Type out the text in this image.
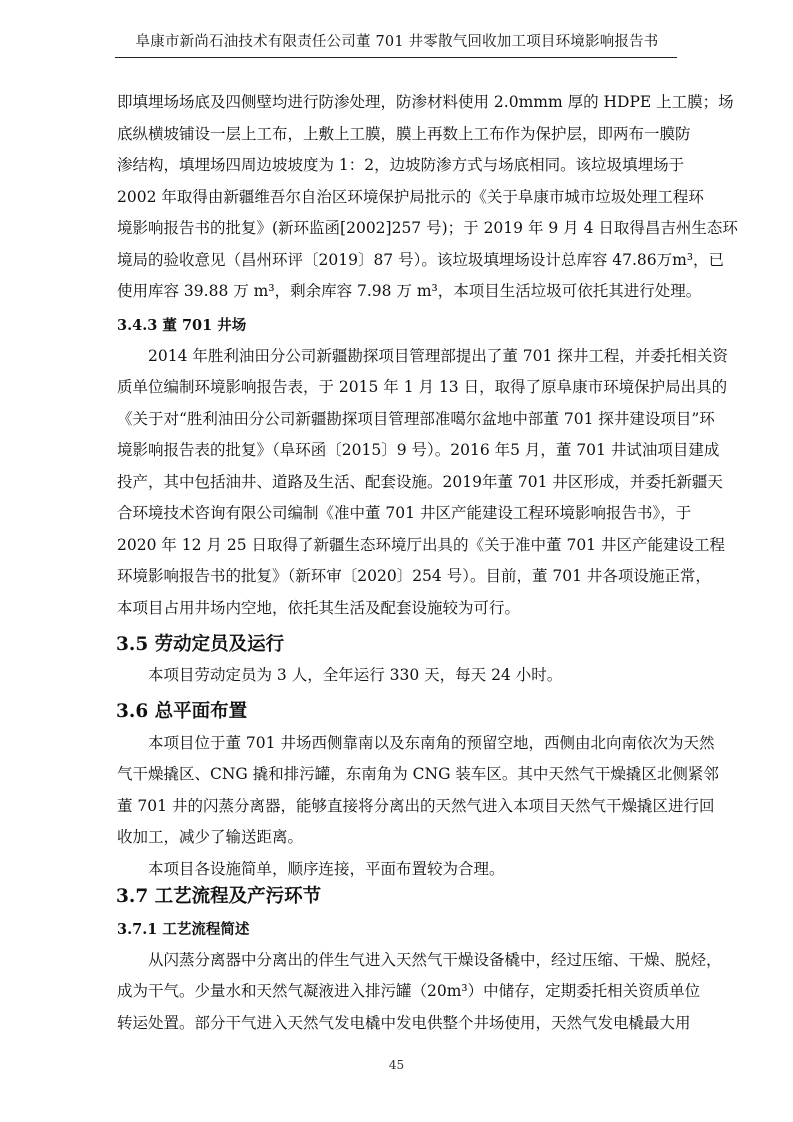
阜康市新尚石油技术有限责任公司董 701 井零散气回收加工项目环境影响报告书
即填埋场场底及四侧壁均进行防渗处理，防渗材料使用 2.0mmm 厚的 HDPE 上工膜；场
底纵横坡铺设一层上工布，上敷上工膜，膜上再数上工布作为保护层，即两布一膜防
渗结构，填埋场四周边坡坡度为 1：2，边坡防渗方式与场底相同。该垃圾填埋场于
2002 年取得由新疆维吾尔自治区环境保护局批示的《关于阜康市城市垃圾处理工程环
境影响报告书的批复》(新环监函[2002]257 号)；于 2019 年 9 月 4 日取得昌吉州生态环
境局的验收意见（昌州环评〔2019〕87 号）。该垃圾填埋场设计总库容 47.86万m³，已
使用库容 39.88 万 m³，剩余库容 7.98 万 m³，本项目生活垃圾可依托其进行处理。
3.4.3 董 701 井场
2014 年胜利油田分公司新疆勘探项目管理部提出了董 701 探井工程，并委托相关资
质单位编制环境影响报告表，于 2015 年 1 月 13 日，取得了原阜康市环境保护局出具的
《关于对“胜利油田分公司新疆勘探项目管理部准噶尔盆地中部董 701 探井建设项目”环
境影响报告表的批复》（阜环函〔2015〕9 号）。2016 年5 月，董 701 井试油项目建成
投产，其中包括油井、道路及生活、配套设施。2019年董 701 井区形成，并委托新疆天
合环境技术咨询有限公司编制《准中董 701 井区产能建设工程环境影响报告书》，于
2020 年 12 月 25 日取得了新疆生态环境厅出具的《关于准中董 701 井区产能建设工程
环境影响报告书的批复》（新环审〔2020〕254 号）。目前，董 701 井各项设施正常，
本项目占用井场内空地，依托其生活及配套设施较为可行。
3.5 劳动定员及运行
本项目劳动定员为 3 人，全年运行 330 天，每天 24 小时。
3.6 总平面布置
本项目位于董 701 井场西侧靠南以及东南角的预留空地，西侧由北向南依次为天然
气干燥撬区、CNG 撬和排污罐，东南角为 CNG 装车区。其中天然气干燥撬区北侧紧邻
董 701 井的闪蒸分离器，能够直接将分离出的天然气进入本项目天然气干燥撬区进行回
收加工，减少了输送距离。
本项目各设施简单，顺序连接，平面布置较为合理。
3.7 工艺流程及产污环节
3.7.1 工艺流程简述
从闪蒸分离器中分离出的伴生气进入天然气干燥设备橇中，经过压缩、干燥、脱烃，
成为干气。少量水和天然气凝液进入排污罐（20m³）中储存，定期委托相关资质单位
转运处置。部分干气进入天然气发电橇中发电供整个井场使用，天然气发电橇最大用
45
